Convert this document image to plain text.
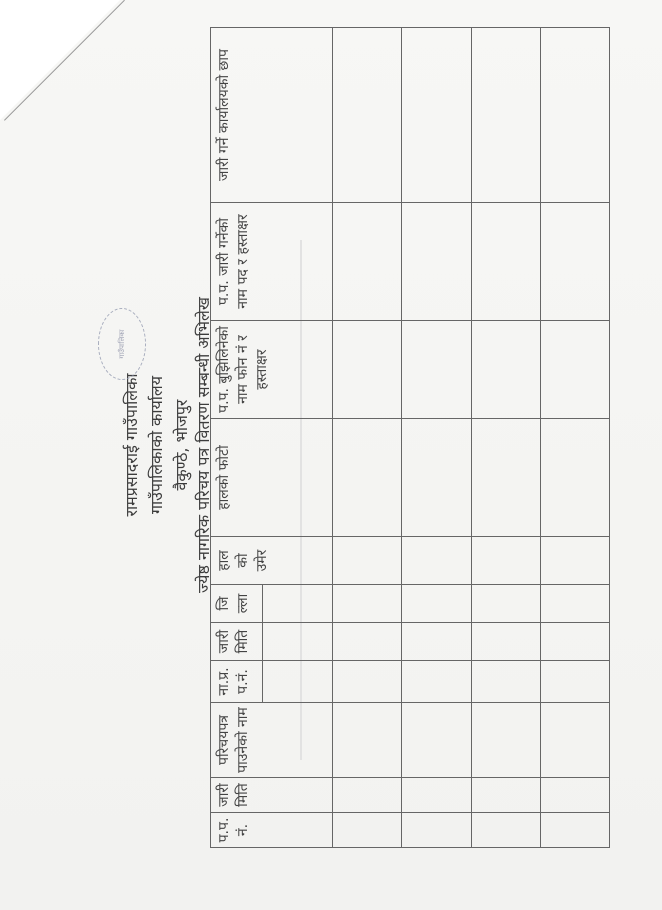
रामप्रसादराई गाउँपालिका गाउँपालिकाको कार्यालय वैकुण्ठे, भोजपुर ज्येष्ठ नागरिक परिचय पत्र वितरण सम्बन्धी अभिलेख
गाउँपालिका
प.प. नं.	जारी मिति	परिचयपत्र पाउनेको नाम	ना.प्र. प.नं.	जारी मिति	जिल्ला	हाल को उमेर	हालको फोटो	प.प. बुझिलिनेको नाम फोन नं र हस्ताक्षर	प.प. जारी गर्नेको नाम पद र हस्ताक्षर	जारी गर्ने कार्यालयको छाप
